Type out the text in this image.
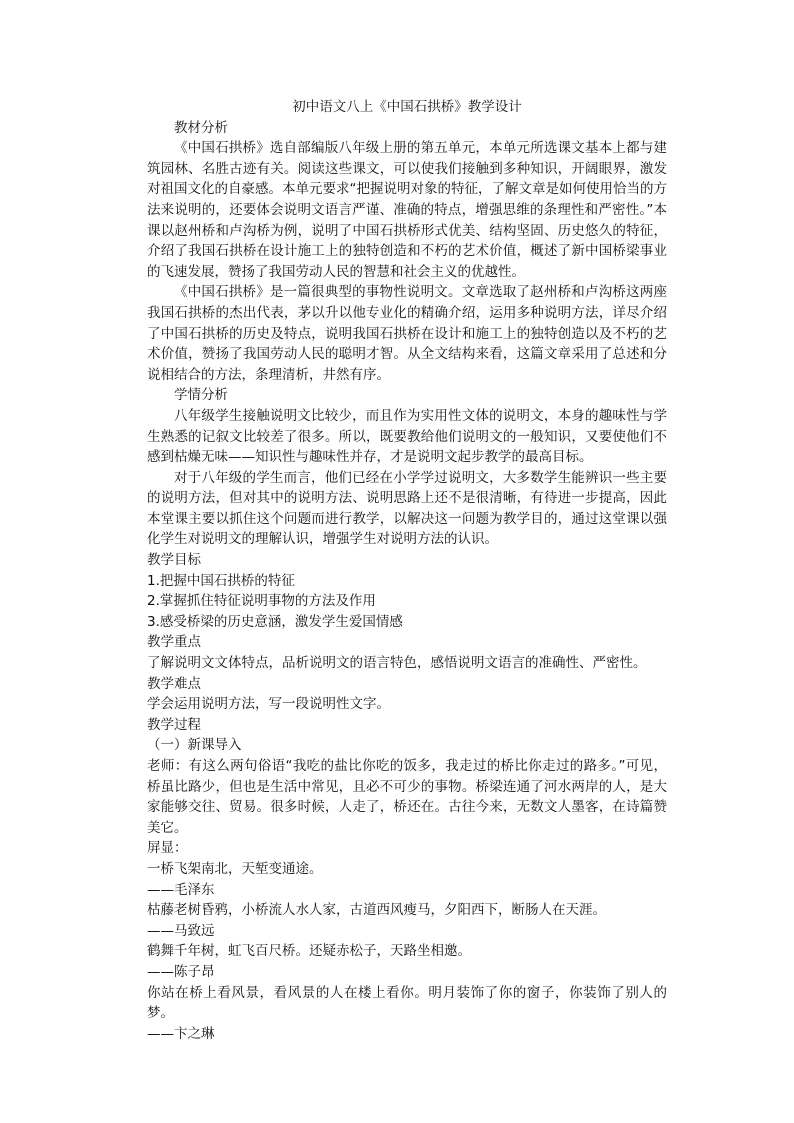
初中语文八上《中国石拱桥》教学设计

教材分析

《中国石拱桥》选自部编版八年级上册的第五单元，本单元所选课文基本上都与建筑园林、名胜古迹有关。阅读这些课文，可以使我们接触到多种知识，开阔眼界，激发对祖国文化的自豪感。本单元要求“把握说明对象的特征，了解文章是如何使用恰当的方法来说明的，还要体会说明文语言严谨、准确的特点，增强思维的条理性和严密性。”本课以赵州桥和卢沟桥为例，说明了中国石拱桥形式优美、结构坚固、历史悠久的特征，介绍了我国石拱桥在设计施工上的独特创造和不朽的艺术价值，概述了新中国桥梁事业的飞速发展，赞扬了我国劳动人民的智慧和社会主义的优越性。

《中国石拱桥》是一篇很典型的事物性说明文。文章选取了赵州桥和卢沟桥这两座我国石拱桥的杰出代表，茅以升以他专业化的精确介绍，运用多种说明方法，详尽介绍了中国石拱桥的历史及特点，说明我国石拱桥在设计和施工上的独特创造以及不朽的艺术价值，赞扬了我国劳动人民的聪明才智。从全文结构来看，这篇文章采用了总述和分说相结合的方法，条理清析，井然有序。

学情分析

八年级学生接触说明文比较少，而且作为实用性文体的说明文，本身的趣味性与学生熟悉的记叙文比较差了很多。所以，既要教给他们说明文的一般知识，又要使他们不感到枯燥无味——知识性与趣味性并存，才是说明文起步教学的最高目标。

对于八年级的学生而言，他们已经在小学学过说明文，大多数学生能辨识一些主要的说明方法，但对其中的说明方法、说明思路上还不是很清晰，有待进一步提高，因此本堂课主要以抓住这个问题而进行教学，以解决这一问题为教学目的，通过这堂课以强化学生对说明文的理解认识，增强学生对说明方法的认识。

教学目标

1.把握中国石拱桥的特征

2.掌握抓住特征说明事物的方法及作用

3.感受桥梁的历史意涵，激发学生爱国情感

教学重点

了解说明文文体特点，品析说明文的语言特色，感悟说明文语言的准确性、严密性。

教学难点

学会运用说明方法，写一段说明性文字。

教学过程

（一）新课导入

老师：有这么两句俗语“我吃的盐比你吃的饭多，我走过的桥比你走过的路多。”可见，桥虽比路少，但也是生活中常见，且必不可少的事物。桥梁连通了河水两岸的人，是大家能够交往、贸易。很多时候，人走了，桥还在。古往今来，无数文人墨客，在诗篇赞美它。

屏显：

一桥飞架南北，天堑变通途。

——毛泽东

枯藤老树昏鸦，小桥流人水人家，古道西风瘦马，夕阳西下，断肠人在天涯。

——马致远

鹤舞千年树，虹飞百尺桥。还疑赤松子，天路坐相邀。

——陈子昂

你站在桥上看风景，看风景的人在楼上看你。明月装饰了你的窗子，你装饰了别人的梦。

——卞之琳
